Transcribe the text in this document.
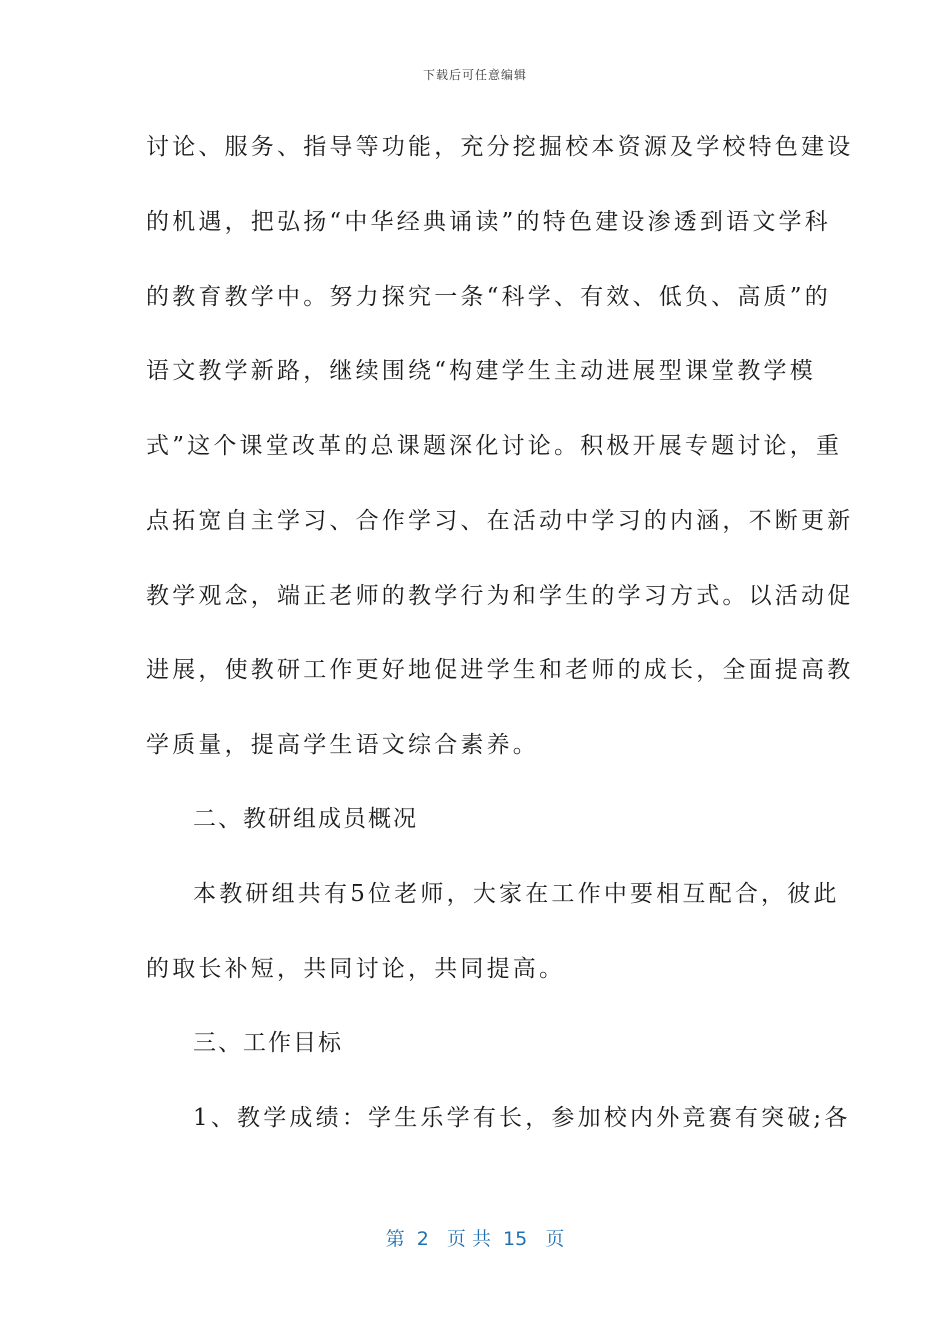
下载后可任意编辑
讨论、服务、指导等功能，充分挖掘校本资源及学校特色建设
的机遇，把弘扬“中华经典诵读”的特色建设渗透到语文学科
的教育教学中。努力探究一条“科学、有效、低负、高质”的
语文教学新路，继续围绕“构建学生主动进展型课堂教学模
式”这个课堂改革的总课题深化讨论。积极开展专题讨论，重
点拓宽自主学习、合作学习、在活动中学习的内涵，不断更新
教学观念，端正老师的教学行为和学生的学习方式。以活动促
进展，使教研工作更好地促进学生和老师的成长，全面提高教
学质量，提高学生语文综合素养。
二、教研组成员概况
本教研组共有5位老师，大家在工作中要相互配合，彼此
的取长补短，共同讨论，共同提高。
三、工作目标
1、教学成绩：学生乐学有长，参加校内外竞赛有突破;各
第  2   页 共  15   页
